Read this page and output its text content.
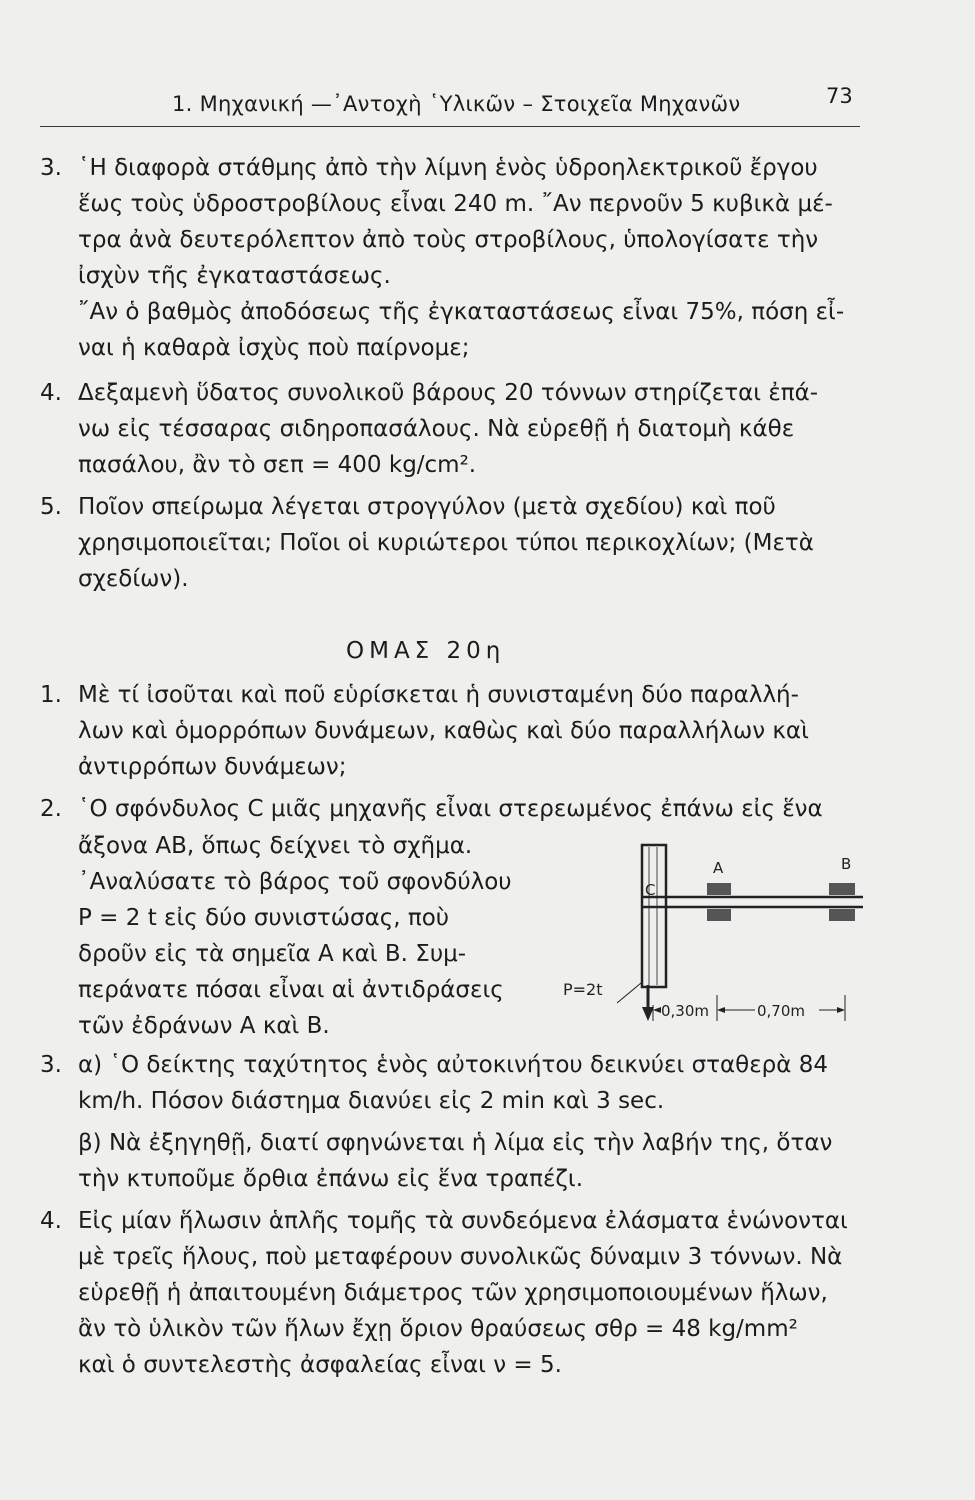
1. Μηχανική —᾿Αντοχὴ ῾Υλικῶν – Στοιχεῖα Μηχανῶν	73
3. ῾Η διαφορὰ στάθμης ἀπὸ τὴν λίμνη ἑνὸς ὑδροηλεκτρικοῦ ἔργου
ἕως τοὺς ὑδροστροβίλους εἶναι 240 m. ῎Αν περνοῦν 5 κυβικὰ μέ-
τρα ἀνὰ δευτερόλεπτον ἀπὸ τοὺς στροβίλους, ὑπολογίσατε τὴν
ἰσχὺν τῆς ἐγκαταστάσεως.
῎Αν ὁ βαθμὸς ἀποδόσεως τῆς ἐγκαταστάσεως εἶναι 75%, πόση εἶ-
ναι ἡ καθαρὰ ἰσχὺς ποὺ παίρνομε;
4. Δεξαμενὴ ὕδατος συνολικοῦ βάρους 20 τόννων στηρίζεται ἐπά-
νω εἰς τέσσαρας σιδηροπασάλους. Νὰ εὑρεθῇ ἡ διατομὴ κάθε
πασάλου, ἂν τὸ σεπ = 400 kg/cm².
5. Ποῖον σπείρωμα λέγεται στρογγύλον (μετὰ σχεδίου) καὶ ποῦ
χρησιμοποιεῖται; Ποῖοι οἱ κυριώτεροι τύποι περικοχλίων; (Μετὰ
σχεδίων).
ΟΜΑΣ 20η
1. Μὲ τί ἰσοῦται καὶ ποῦ εὑρίσκεται ἡ συνισταμένη δύο παραλλή-
λων καὶ ὁμορρόπων δυνάμεων, καθὼς καὶ δύο παραλλήλων καὶ
ἀντιρρόπων δυνάμεων;
2. ῾Ο σφόνδυλος C μιᾶς μηχανῆς εἶναι στερεωμένος ἐπάνω εἰς ἕνα
ἄξονα AB, ὅπως δείχνει τὸ σχῆμα.
᾿Αναλύσατε τὸ βάρος τοῦ σφονδύλου
P = 2 t εἰς δύο συνιστώσας, ποὺ
δροῦν εἰς τὰ σημεῖα Α καὶ Β. Συμ-
περάνατε πόσαι εἶναι αἱ ἀντιδράσεις
τῶν ἐδράνων Α καὶ Β.
A	B
C
P=2t
0,30m	0,70m
3. α) ῾Ο δείκτης ταχύτητος ἑνὸς αὐτοκινήτου δεικνύει σταθερὰ 84
km/h. Πόσον διάστημα διανύει εἰς 2 min καὶ 3 sec.
β) Νὰ ἐξηγηθῇ, διατί σφηνώνεται ἡ λίμα εἰς τὴν λαβήν της, ὅταν
τὴν κτυποῦμε ὄρθια ἐπάνω εἰς ἕνα τραπέζι.
4. Εἰς μίαν ἥλωσιν ἁπλῆς τομῆς τὰ συνδεόμενα ἐλάσματα ἑνώνονται
μὲ τρεῖς ἥλους, ποὺ μεταφέρουν συνολικῶς δύναμιν 3 τόννων. Νὰ
εὑρεθῇ ἡ ἀπαιτουμένη διάμετρος τῶν χρησιμοποιουμένων ἥλων,
ἂν τὸ ὑλικὸν τῶν ἥλων ἔχῃ ὅριον θραύσεως σθρ = 48 kg/mm²
καὶ ὁ συντελεστὴς ἀσφαλείας εἶναι ν = 5.
